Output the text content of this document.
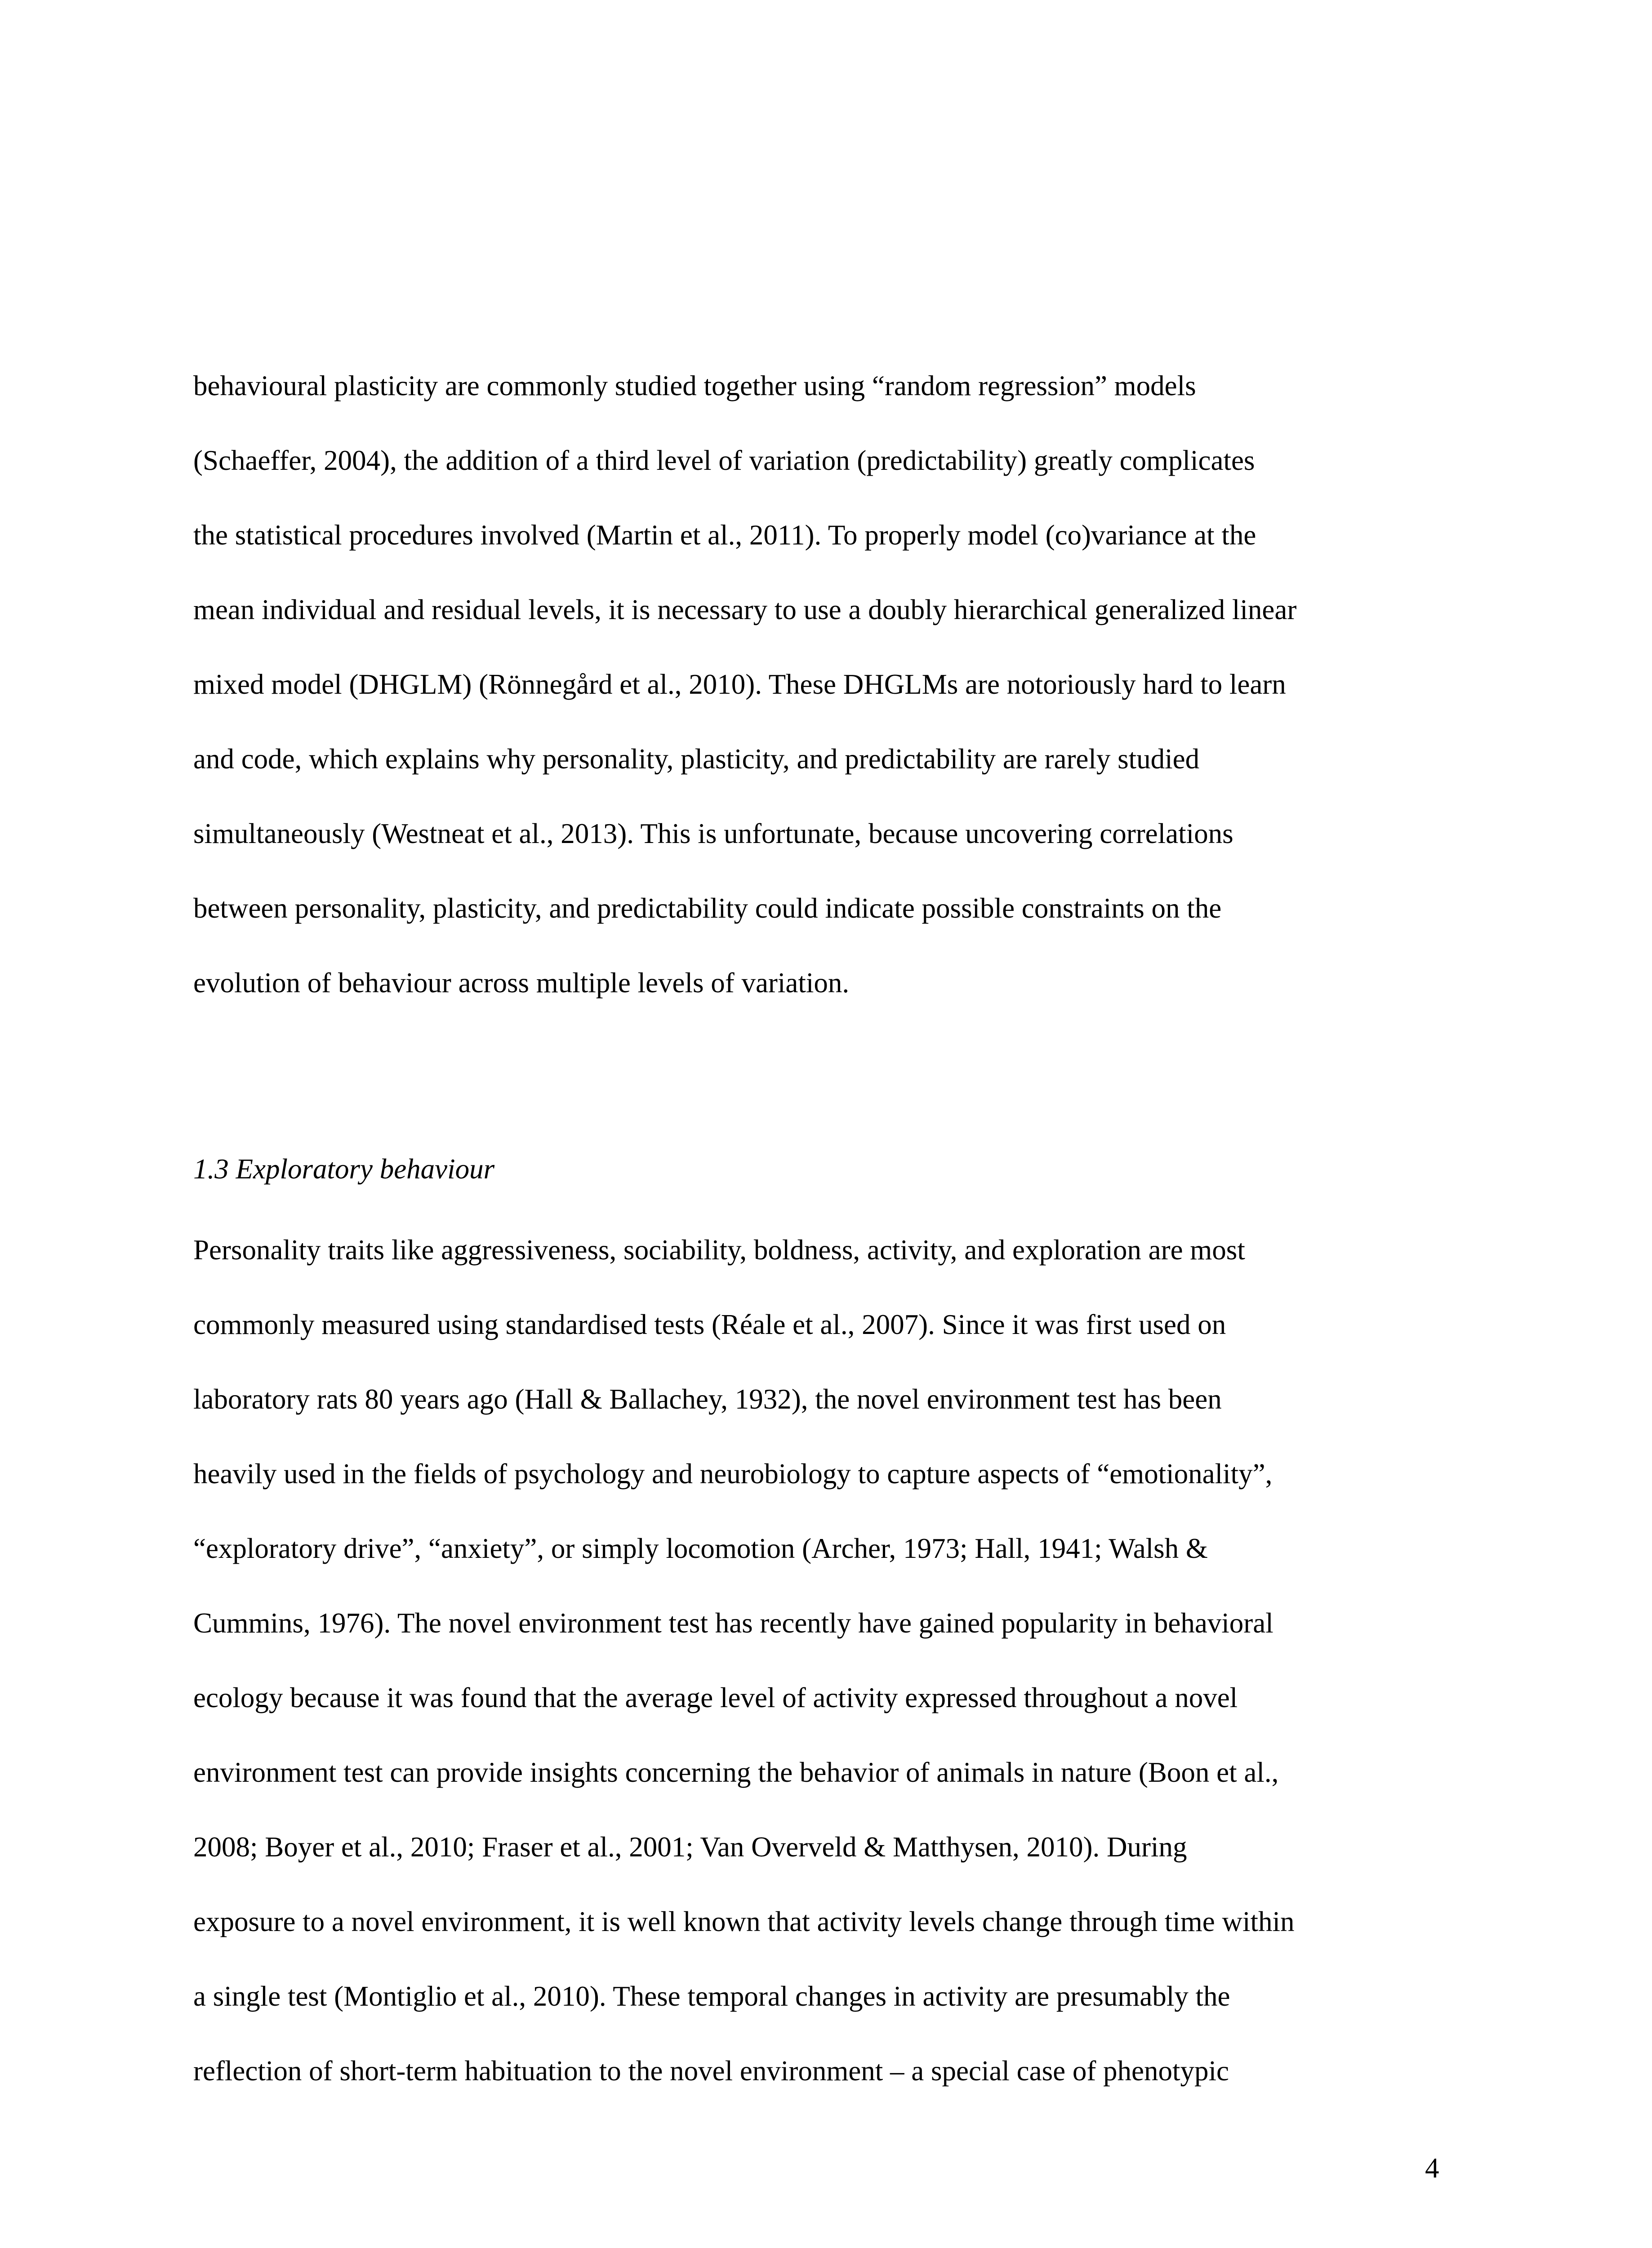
behavioural plasticity are commonly studied together using “random regression” models

(Schaeffer, 2004), the addition of a third level of variation (predictability) greatly complicates

the statistical procedures involved (Martin et al., 2011). To properly model (co)variance at the

mean individual and residual levels, it is necessary to use a doubly hierarchical generalized linear

mixed model (DHGLM) (Rönnegård et al., 2010). These DHGLMs are notoriously hard to learn

and code, which explains why personality, plasticity, and predictability are rarely studied

simultaneously (Westneat et al., 2013). This is unfortunate, because uncovering correlations

between personality, plasticity, and predictability could indicate possible constraints on the

evolution of behaviour across multiple levels of variation.

1.3 Exploratory behaviour

Personality traits like aggressiveness, sociability, boldness, activity, and exploration are most

commonly measured using standardised tests (Réale et al., 2007). Since it was first used on

laboratory rats 80 years ago (Hall & Ballachey, 1932), the novel environment test has been

heavily used in the fields of psychology and neurobiology to capture aspects of “emotionality”,

“exploratory drive”, “anxiety”, or simply locomotion (Archer, 1973; Hall, 1941; Walsh &

Cummins, 1976). The novel environment test has recently have gained popularity in behavioral

ecology because it was found that the average level of activity expressed throughout a novel

environment test can provide insights concerning the behavior of animals in nature (Boon et al.,

2008; Boyer et al., 2010; Fraser et al., 2001; Van Overveld & Matthysen, 2010). During

exposure to a novel environment, it is well known that activity levels change through time within

a single test (Montiglio et al., 2010). These temporal changes in activity are presumably the

reflection of short-term habituation to the novel environment – a special case of phenotypic

4
